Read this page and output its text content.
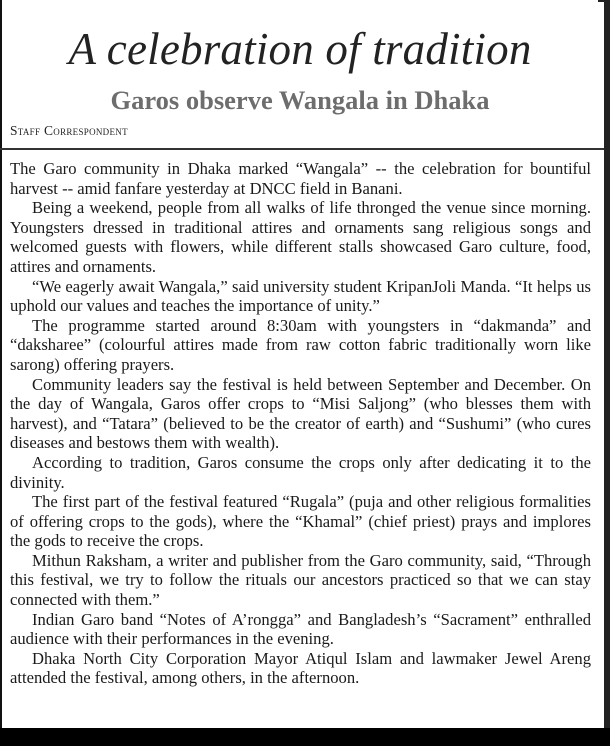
A celebration of tradition
Garos observe Wangala in Dhaka
Staff Correspondent

The Garo community in Dhaka marked “Wangala” -- the celebration for bountiful harvest -- amid fanfare yesterday at DNCC field in Banani.

Being a weekend, people from all walks of life thronged the venue since morning. Youngsters dressed in traditional attires and ornaments sang religious songs and welcomed guests with flowers, while different stalls showcased Garo culture, food, attires and ornaments.

“We eagerly await Wangala,” said university student KripanJoli Manda. “It helps us uphold our values and teaches the importance of unity.”

The programme started around 8:30am with youngsters in “dakmanda” and “daksharee” (colourful attires made from raw cotton fabric traditionally worn like sarong) offering prayers.

Community leaders say the festival is held between September and December. On the day of Wangala, Garos offer crops to “Misi Saljong” (who blesses them with harvest), and “Tatara” (believed to be the creator of earth) and “Sushumi” (who cures diseases and bestows them with wealth).

According to tradition, Garos consume the crops only after dedicating it to the divinity.

The first part of the festival featured “Rugala” (puja and other religious formalities of offering crops to the gods), where the “Khamal” (chief priest) prays and implores the gods to receive the crops.

Mithun Raksham, a writer and publisher from the Garo community, said, “Through this festival, we try to follow the rituals our ancestors practiced so that we can stay connected with them.”

Indian Garo band “Notes of A’rongga” and Bangladesh’s “Sacrament” enthralled audience with their performances in the evening.

Dhaka North City Corporation Mayor Atiqul Islam and lawmaker Jewel Areng attended the festival, among others, in the afternoon.
